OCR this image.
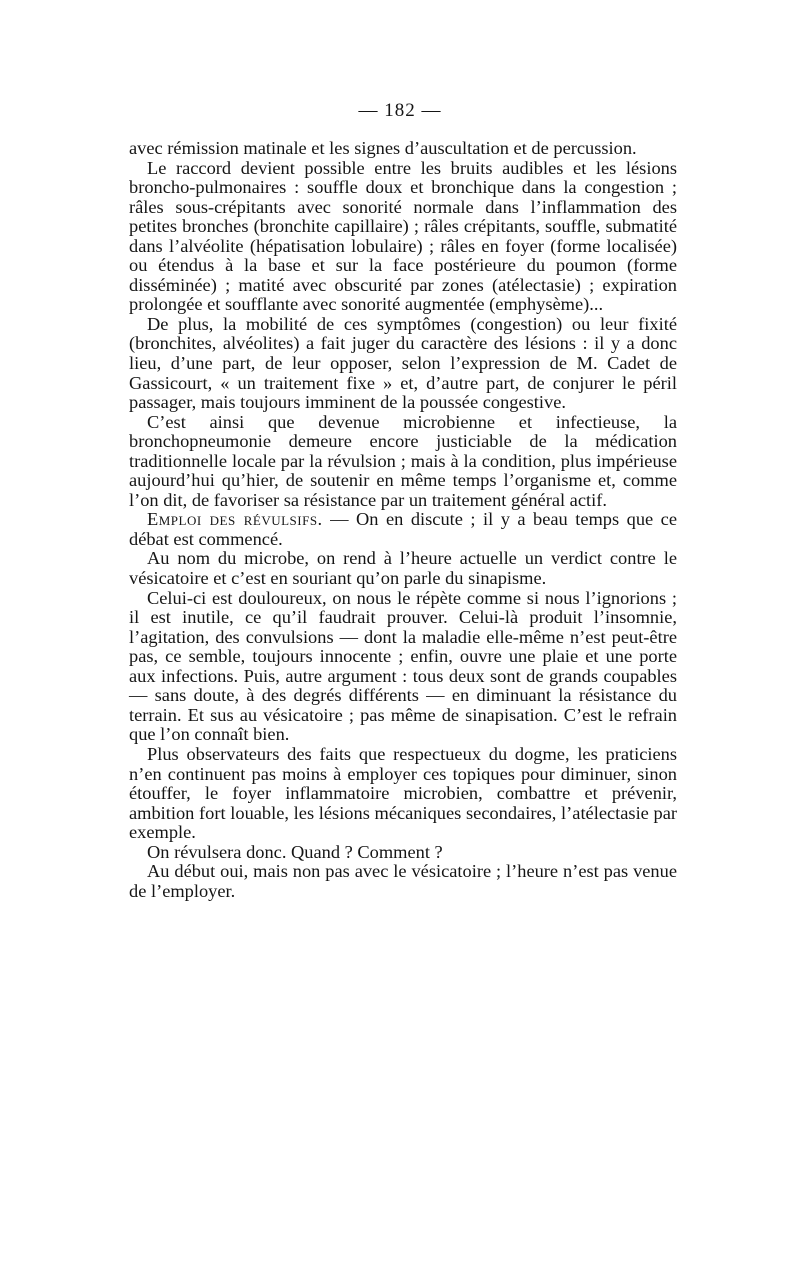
— 182 —

avec rémission matinale et les signes d’auscultation et de percussion.

Le raccord devient possible entre les bruits audibles et les lésions broncho-pulmonaires : souffle doux et bronchique dans la congestion ; râles sous-crépitants avec sonorité normale dans l’inflammation des petites bronches (bronchite capillaire) ; râles crépitants, souffle, submatité dans l’alvéolite (hépatisation lobulaire) ; râles en foyer (forme localisée) ou étendus à la base et sur la face postérieure du poumon (forme disséminée) ; matité avec obscurité par zones (atélectasie) ; expiration prolongée et soufflante avec sonorité augmentée (emphysème)...

De plus, la mobilité de ces symptômes (congestion) ou leur fixité (bronchites, alvéolites) a fait juger du caractère des lésions : il y a donc lieu, d’une part, de leur opposer, selon l’expression de M. Cadet de Gassicourt, « un traitement fixe » et, d’autre part, de conjurer le péril passager, mais toujours imminent de la poussée congestive.

C’est ainsi que devenue microbienne et infectieuse, la bronchopneumonie demeure encore justiciable de la médication traditionnelle locale par la révulsion ; mais à la condition, plus impérieuse aujourd’hui qu’hier, de soutenir en même temps l’organisme et, comme l’on dit, de favoriser sa résistance par un traitement général actif.

Emploi des révulsifs. — On en discute ; il y a beau temps que ce débat est commencé.

Au nom du microbe, on rend à l’heure actuelle un verdict contre le vésicatoire et c’est en souriant qu’on parle du sinapisme.

Celui-ci est douloureux, on nous le répète comme si nous l’ignorions ; il est inutile, ce qu’il faudrait prouver. Celui-là produit l’insomnie, l’agitation, des convulsions — dont la maladie elle-même n’est peut-être pas, ce semble, toujours innocente ; enfin, ouvre une plaie et une porte aux infections. Puis, autre argument : tous deux sont de grands coupables — sans doute, à des degrés différents — en diminuant la résistance du terrain. Et sus au vésicatoire ; pas même de sinapisation. C’est le refrain que l’on connaît bien.

Plus observateurs des faits que respectueux du dogme, les praticiens n’en continuent pas moins à employer ces topiques pour diminuer, sinon étouffer, le foyer inflammatoire microbien, combattre et prévenir, ambition fort louable, les lésions mécaniques secondaires, l’atélectasie par exemple.

On révulsera donc. Quand ? Comment ?

Au début oui, mais non pas avec le vésicatoire ; l’heure n’est pas venue de l’employer.
